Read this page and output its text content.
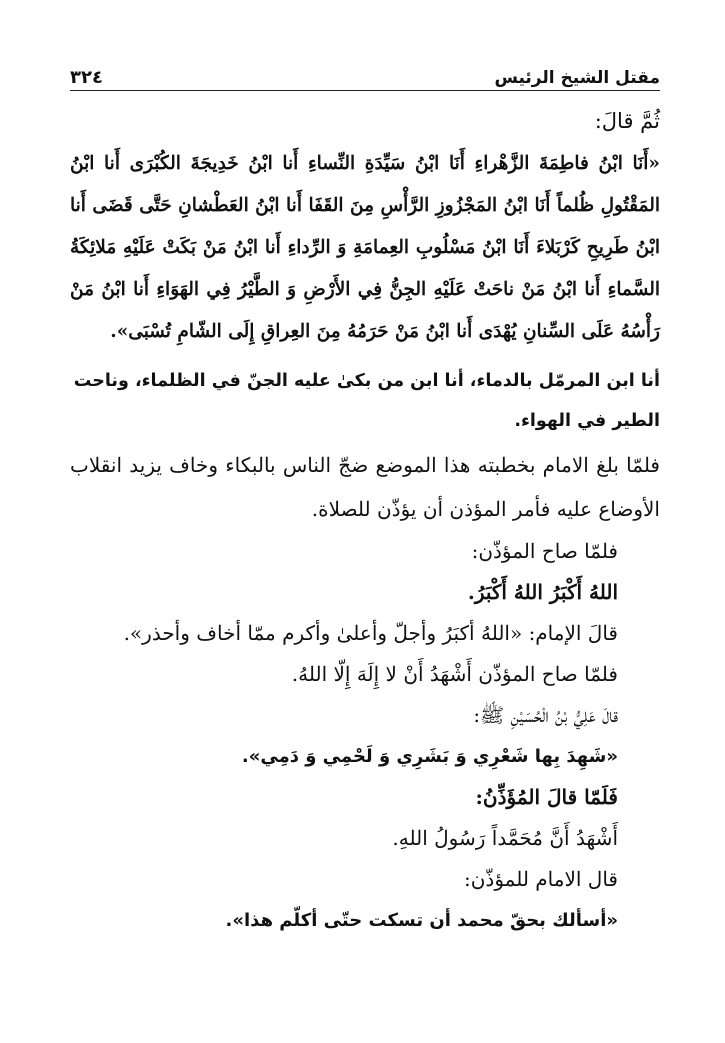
مقتل الشيخ الرئيس
٣٢٤

ثُمَّ قالَ:

«أَنَا ابْنُ فاطِمَةَ الزَّهْراءِ أَنَا ابْنُ سَيِّدَةِ النِّساءِ أَنا ابْنُ خَدِيجَةَ الكُبْرَى أَنا ابْنُ المَقْتُولِ ظُلماً أَنَا ابْنُ المَجْزُوزِ الرَّأْسِ مِنَ القَفَا أَنا ابْنُ العَطْشانِ حَتَّى قَضَى أَنا ابْنُ طَرِيحِ كَرْبَلاءَ أَنَا ابْنُ مَسْلُوبِ العِمامَةِ وَ الرِّداءِ أَنا ابْنُ مَنْ بَكَتْ عَلَيْهِ مَلائِكَةُ السَّماءِ أَنا ابْنُ مَنْ ناحَتْ عَلَيْهِ الجِنُّ فِي الأَرْضِ وَ الطَّيْرُ فِي الهَوَاءِ أَنا ابْنُ مَنْ رَأْسُهُ عَلَى السِّنانِ يُهْدَى أَنا ابْنُ مَنْ حَرَمُهُ مِنَ العِراقِ إِلَى الشّامِ تُسْبَى».

أنا ابن المرمّل بالدماء، أنا ابن من بكىٰ عليه الجنّ في الظلماء، وناحت الطير في الهواء.

فلمّا بلغ الامام بخطبته هذا الموضع ضجّ الناس بالبكاء وخاف يزيد انقلاب الأوضاع عليه فأمر المؤذن أن يؤذّن للصلاة.

فلمّا صاح المؤذّن:
اللهُ أَكْبَرُ اللهُ أَكْبَرُ.
قالَ الإمام: «اللهُ أكبَرُ وأجلّ وأعلىٰ وأكرم ممّا أخاف وأحذر».
فلمّا صاح المؤذّن أَشْهَدُ أَنْ لا إِلَهَ إِلّا اللهُ.
قالَ عَلِيُّ بْنُ الْحُسَيْنِ ﷺ:
«شَهِدَ بِها شَعْرِي وَ بَشَرِي وَ لَحْمِي وَ دَمِي».
فَلَمّا قالَ المُؤَذِّنُ:
أَشْهَدُ أَنَّ مُحَمَّداً رَسُولُ اللهِ.
قال الامام للمؤذّن:
«أسألك بحقّ محمد أن تسكت حتّى أكلّم هذا».
